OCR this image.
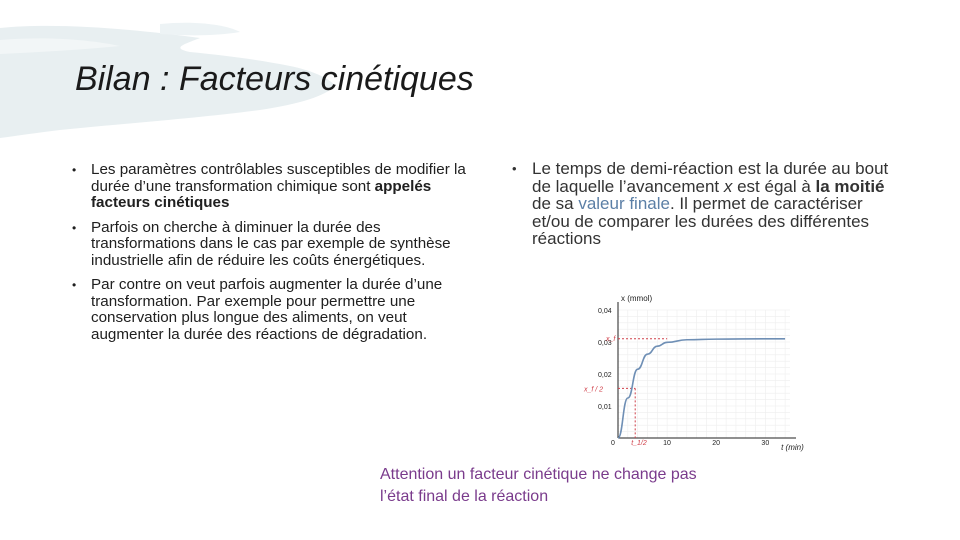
Bilan : Facteurs cinétiques
• Les paramètres contrôlables susceptibles de modifier la durée d’une transformation chimique sont appelés facteurs cinétiques
• Parfois on cherche à diminuer la durée des transformations dans le cas par exemple de synthèse industrielle afin de réduire les coûts énergétiques.
• Par contre on veut parfois augmenter la durée d’une transformation. Par exemple pour permettre une conservation plus longue des aliments, on veut augmenter la durée des réactions de dégradation.
• Le temps de demi-réaction est la durée au bout de laquelle l’avancement x est égal à la moitié de sa valeur finale. Il permet de caractériser et/ou de comparer les durées des différentes réactions
x (mmol)
t (min)
0,04
0,03
0,02
0,01
0	10	20	30
x_f
x_f / 2
t_1/2
Attention un facteur cinétique ne change pas
l’état final de la réaction
